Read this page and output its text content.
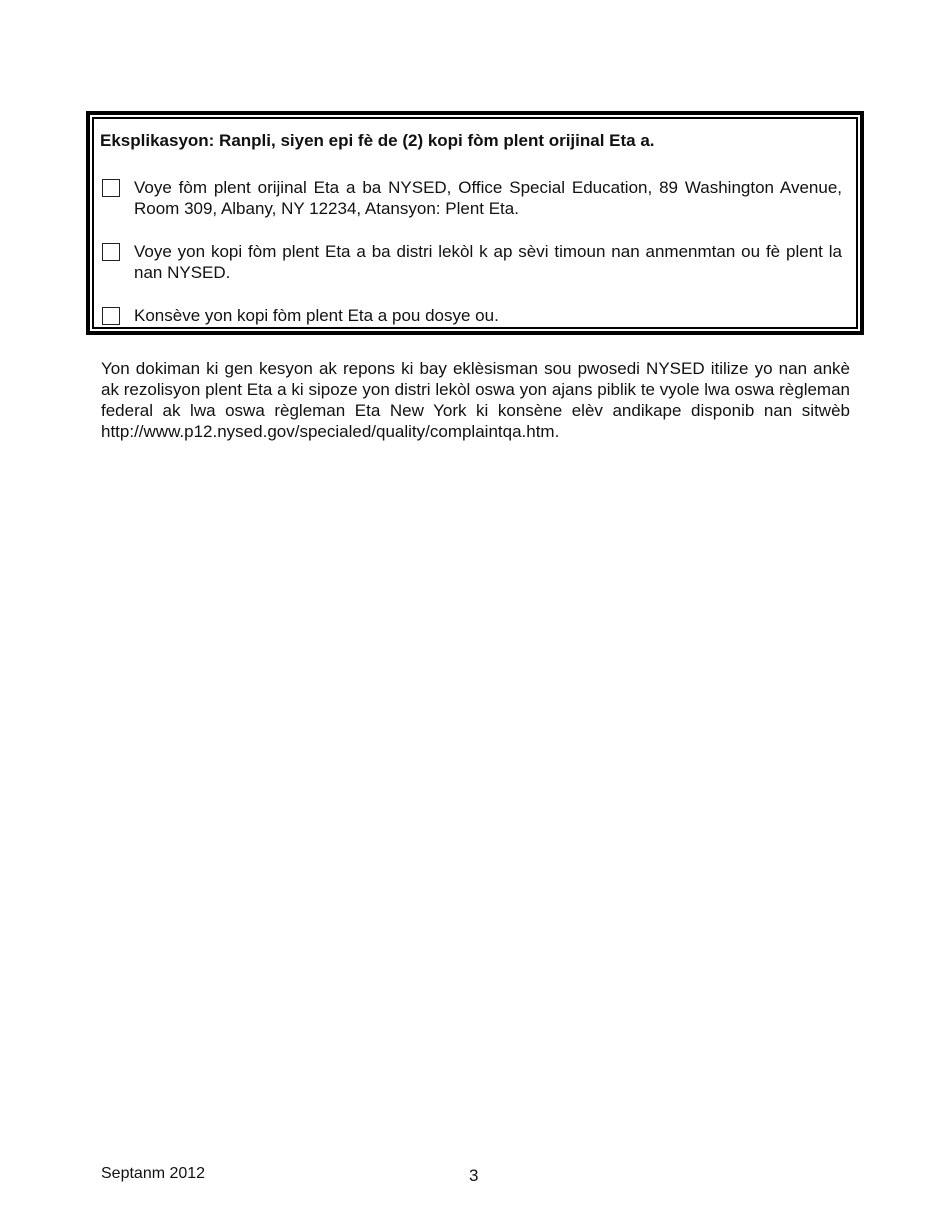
Eksplikasyon: Ranpli, siyen epi fè de (2) kopi fòm plent orijinal Eta a.
Voye fòm plent orijinal Eta a ba NYSED, Office Special Education, 89 Washington Avenue, Room 309, Albany, NY 12234, Atansyon: Plent Eta.
Voye yon kopi fòm plent Eta a ba distri lekòl k ap sèvi timoun nan anmenmtan ou fè plent la nan NYSED.
Konsève yon kopi fòm plent Eta a pou dosye ou.
Yon dokiman ki gen kesyon ak repons ki bay eklèsisman sou pwosedi NYSED itilize yo nan ankè ak rezolisyon plent Eta a ki sipoze yon distri lekòl oswa yon ajans piblik te vyole lwa oswa règleman federal ak lwa oswa règleman Eta New York ki konsène elèv andikape disponib nan sitwèb http://www.p12.nysed.gov/specialed/quality/complaintqa.htm.
Septanm 2012	3
